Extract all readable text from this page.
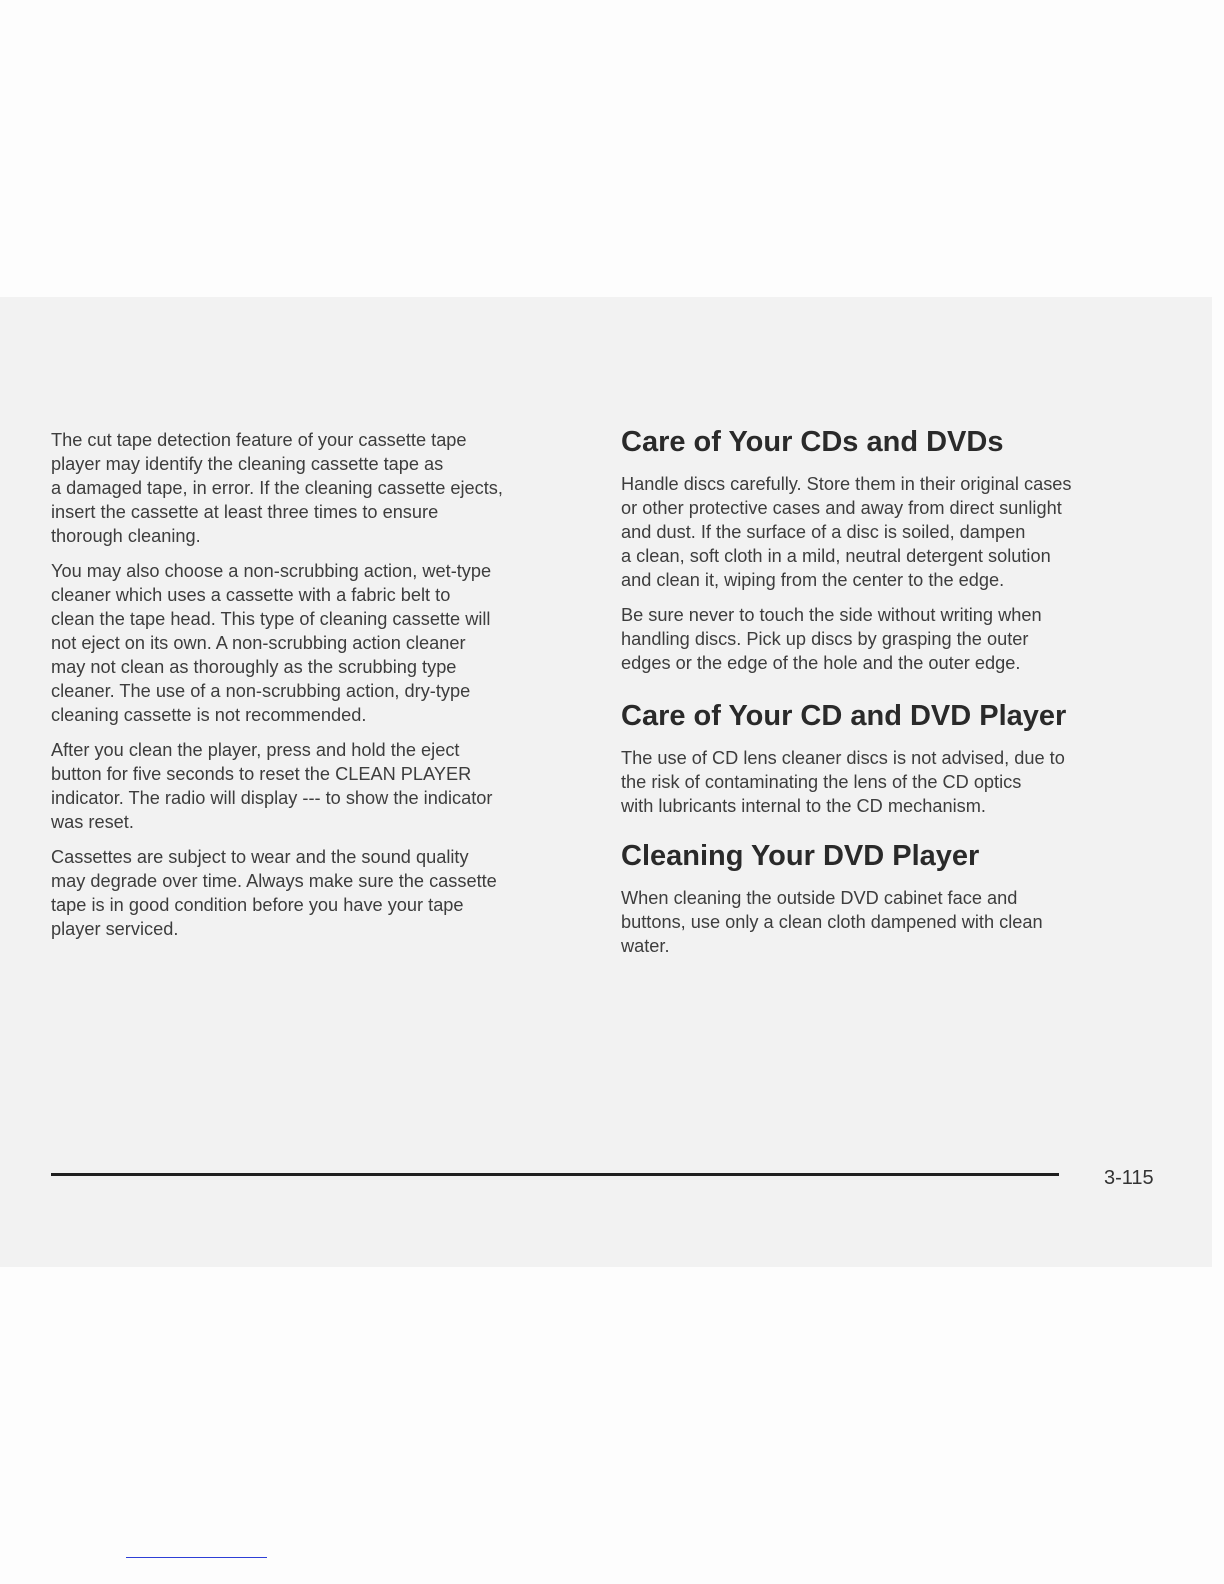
The cut tape detection feature of your cassette tape
player may identify the cleaning cassette tape as
a damaged tape, in error. If the cleaning cassette ejects,
insert the cassette at least three times to ensure
thorough cleaning.

You may also choose a non-scrubbing action, wet-type
cleaner which uses a cassette with a fabric belt to
clean the tape head. This type of cleaning cassette will
not eject on its own. A non-scrubbing action cleaner
may not clean as thoroughly as the scrubbing type
cleaner. The use of a non-scrubbing action, dry-type
cleaning cassette is not recommended.

After you clean the player, press and hold the eject
button for five seconds to reset the CLEAN PLAYER
indicator. The radio will display --- to show the indicator
was reset.

Cassettes are subject to wear and the sound quality
may degrade over time. Always make sure the cassette
tape is in good condition before you have your tape
player serviced.

Care of Your CDs and DVDs

Handle discs carefully. Store them in their original cases
or other protective cases and away from direct sunlight
and dust. If the surface of a disc is soiled, dampen
a clean, soft cloth in a mild, neutral detergent solution
and clean it, wiping from the center to the edge.

Be sure never to touch the side without writing when
handling discs. Pick up discs by grasping the outer
edges or the edge of the hole and the outer edge.

Care of Your CD and DVD Player

The use of CD lens cleaner discs is not advised, due to
the risk of contaminating the lens of the CD optics
with lubricants internal to the CD mechanism.

Cleaning Your DVD Player

When cleaning the outside DVD cabinet face and
buttons, use only a clean cloth dampened with clean
water.

3-115
